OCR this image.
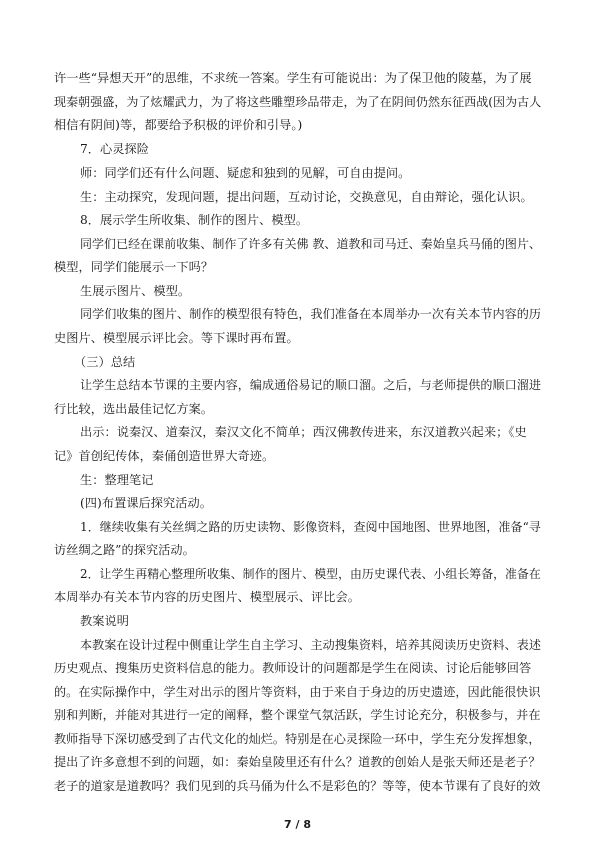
许一些“异想天开”的思维，不求统一答案。学生有可能说出：为了保卫他的陵墓，为了展
现秦朝强盛，为了炫耀武力，为了将这些雕塑珍品带走，为了在阴间仍然东征西战(因为古人
相信有阴间)等，都要给予积极的评价和引导。)
7．心灵探险
师：同学们还有什么问题、疑虑和独到的见解，可自由提问。
生：主动探究，发现问题，提出问题，互动讨论，交换意见，自由辩论，强化认识。
8．展示学生所收集、制作的图片、模型。
同学们已经在课前收集、制作了许多有关佛 教、道教和司马迁、秦始皇兵马俑的图片、
模型，同学们能展示一下吗？
生展示图片、模型。
同学们收集的图片、制作的模型很有特色，我们准备在本周举办一次有关本节内容的历
史图片、模型展示评比会。等下课时再布置。
（三）总结
让学生总结本节课的主要内容，编成通俗易记的顺口溜。之后，与老师提供的顺口溜进
行比较，选出最佳记忆方案。
出示：说秦汉、道秦汉，秦汉文化不简单；西汉佛教传进来，东汉道教兴起来；《史
记》首创纪传体，秦俑创造世界大奇迹。
生：整理笔记
(四)布置课后探究活动。
1．继续收集有关丝绸之路的历史读物、影像资料，查阅中国地图、世界地图，准备“寻
访丝绸之路”的探究活动。
2．让学生再精心整理所收集、制作的图片、模型，由历史课代表、小组长筹备，准备在
本周举办有关本节内容的历史图片、模型展示、评比会。
教案说明
本教案在设计过程中侧重让学生自主学习、主动搜集资料，培养其阅读历史资料、表述
历史观点、搜集历史资料信息的能力。教师设计的问题都是学生在阅读、讨论后能够回答
的。在实际操作中，学生对出示的图片等资料，由于来自于身边的历史遗迹，因此能很快识
别和判断，并能对其进行一定的阐释，整个课堂气氛活跃，学生讨论充分，积极参与，并在
教师指导下深切感受到了古代文化的灿烂。特别是在心灵探险一环中，学生充分发挥想象，
提出了许多意想不到的问题，如：秦始皇陵里还有什么？道教的创始人是张天师还是老子？
老子的道家是道教吗？我们见到的兵马俑为什么不是彩色的？等等，使本节课有了良好的效
7 / 8
